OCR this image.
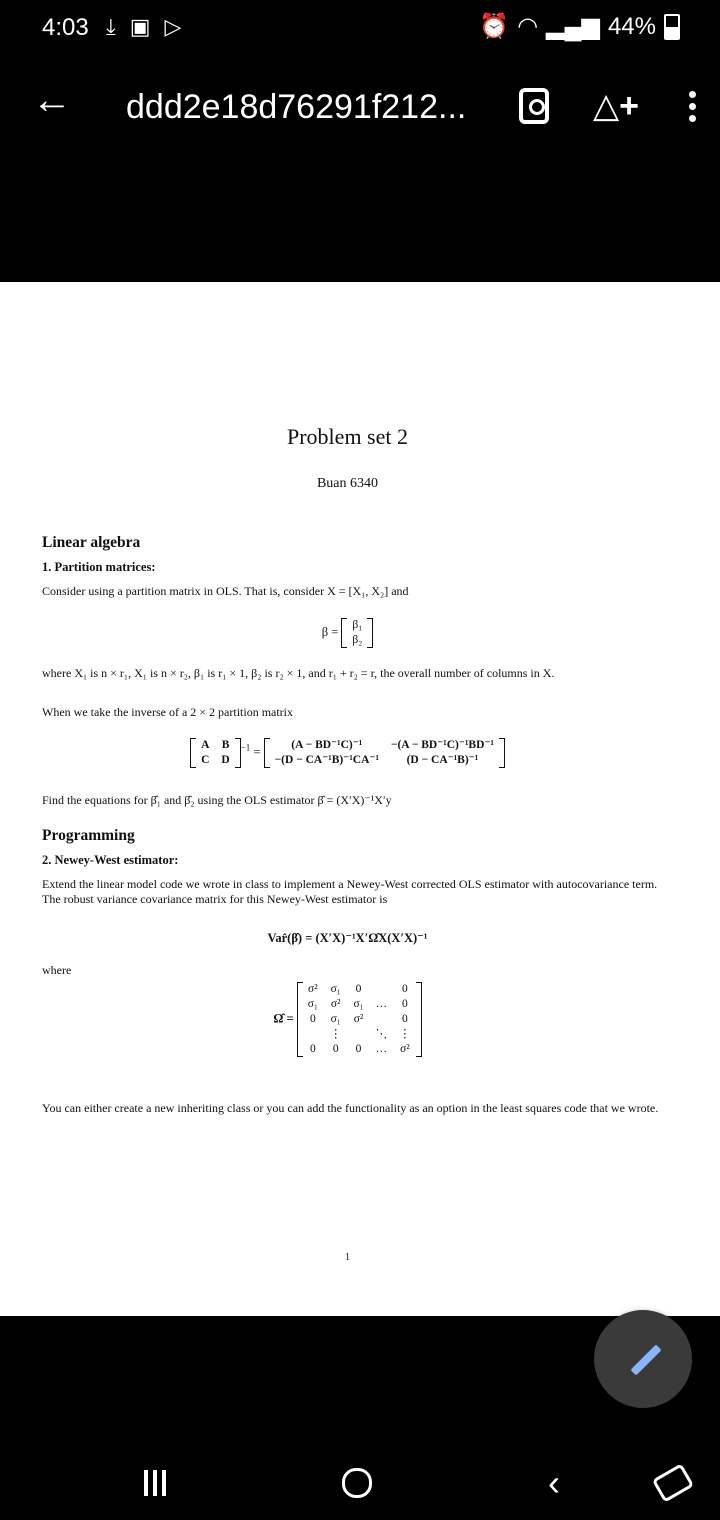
4:03 ⤓ ▣ ▷	⏰ ◠ ▂▄▆ 44%
← ddd2e18d76291f212...	△+
Problem set 2
Buan 6340
Linear algebra
1. Partition matrices:
Consider using a partition matrix in OLS. That is, consider X = [X₁, X₂] and
β = β₁
β₂
where X₁ is n × r₁, X₁ is n × r₂, β₁ is r₁ × 1, β₂ is r₂ × 1, and r₁ + r₂ = r, the overall number of columns in X.
When we take the inverse of a 2 × 2 partition matrix
A	B
C	D
$^{-1}$ =	(A − BD⁻¹C)⁻¹	−(A − BD⁻¹C)⁻¹BD⁻¹
−(D − CA⁻¹B)⁻¹CA⁻¹	(D − CA⁻¹B)⁻¹
Find the equations for β̂₁ and β̂₂ using the OLS estimator β̂ = (X′X)⁻¹X′y
Programming
2. Newey-West estimator:
Extend the linear model code we wrote in class to implement a Newey-West corrected OLS estimator with autocovariance term. The robust variance covariance matrix for this Newey-West estimator is
Var̂(β̂) = (X′X)⁻¹X′Ω̂X(X′X)⁻¹
where
Ω̂ =
σ²	σ₁	0		0
σ₁	σ²	σ₁	…	0
0	σ₁	σ²		0
	⋮		⋱	⋮
0	0	0	…	σ²
You can either create a new inheriting class or you can add the functionality as an option in the least squares code that we wrote.
1
‹
